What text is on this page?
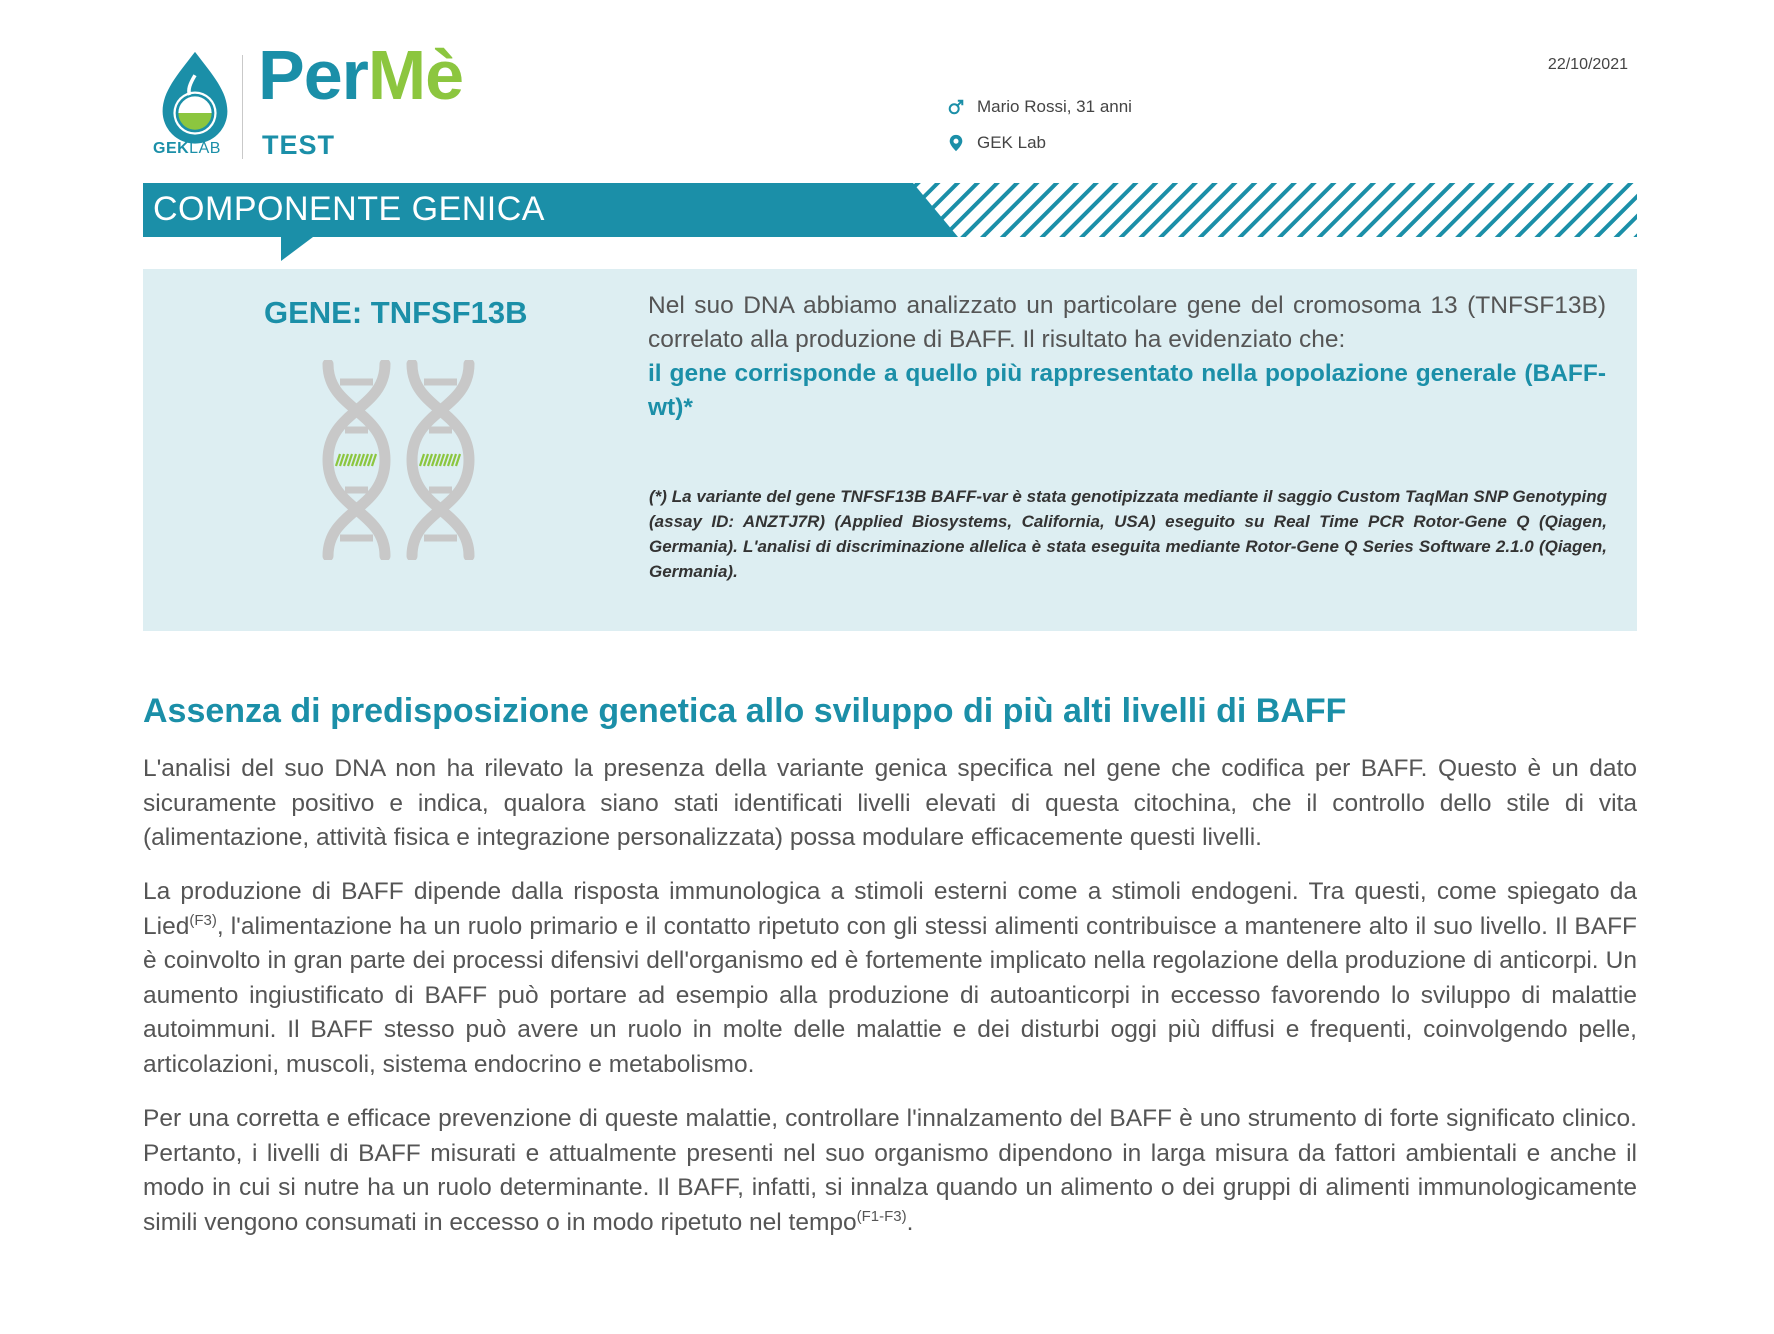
GEKLAB
PerMè
TEST
22/10/2021
Mario Rossi, 31 anni
GEK Lab
COMPONENTE GENICA
GENE: TNFSF13B	Nel suo DNA abbiamo analizzato un particolare gene del cromosoma 13 (TNFSF13B) correlato alla produzione di BAFF. Il risultato ha evidenziato che:
il gene corrisponde a quello più rappresentato nella popolazione generale (BAFF-wt)*
(*) La variante del gene TNFSF13B BAFF-var è stata genotipizzata mediante il saggio Custom TaqMan SNP Genotyping (assay ID: ANZTJ7R) (Applied Biosystems, California, USA) eseguito su Real Time PCR Rotor-Gene Q (Qiagen, Germania). L'analisi di discriminazione allelica è stata eseguita mediante Rotor-Gene Q Series Software 2.1.0 (Qiagen, Germania).
Assenza di predisposizione genetica allo sviluppo di più alti livelli di BAFF
L'analisi del suo DNA non ha rilevato la presenza della variante genica specifica nel gene che codifica per BAFF. Questo è un dato sicuramente positivo e indica, qualora siano stati identificati livelli elevati di questa citochina, che il controllo dello stile di vita (alimentazione, attività fisica e integrazione personalizzata) possa modulare efficacemente questi livelli.
La produzione di BAFF dipende dalla risposta immunologica a stimoli esterni come a stimoli endogeni. Tra questi, come spiegato da Lied$^{(F3)}$, l'alimentazione ha un ruolo primario e il contatto ripetuto con gli stessi alimenti contribuisce a mantenere alto il suo livello. Il BAFF è coinvolto in gran parte dei processi difensivi dell'organismo ed è fortemente implicato nella regolazione della produzione di anticorpi. Un aumento ingiustificato di BAFF può portare ad esempio alla produzione di autoanticorpi in eccesso favorendo lo sviluppo di malattie autoimmuni. Il BAFF stesso può avere un ruolo in molte delle malattie e dei disturbi oggi più diffusi e frequenti, coinvolgendo pelle, articolazioni, muscoli, sistema endocrino e metabolismo.
Per una corretta e efficace prevenzione di queste malattie, controllare l'innalzamento del BAFF è uno strumento di forte significato clinico. Pertanto, i livelli di BAFF misurati e attualmente presenti nel suo organismo dipendono in larga misura da fattori ambientali e anche il modo in cui si nutre ha un ruolo determinante. Il BAFF, infatti, si innalza quando un alimento o dei gruppi di alimenti immunologicamente simili vengono consumati in eccesso o in modo ripetuto nel tempo$^{(F1-F3)}$.
